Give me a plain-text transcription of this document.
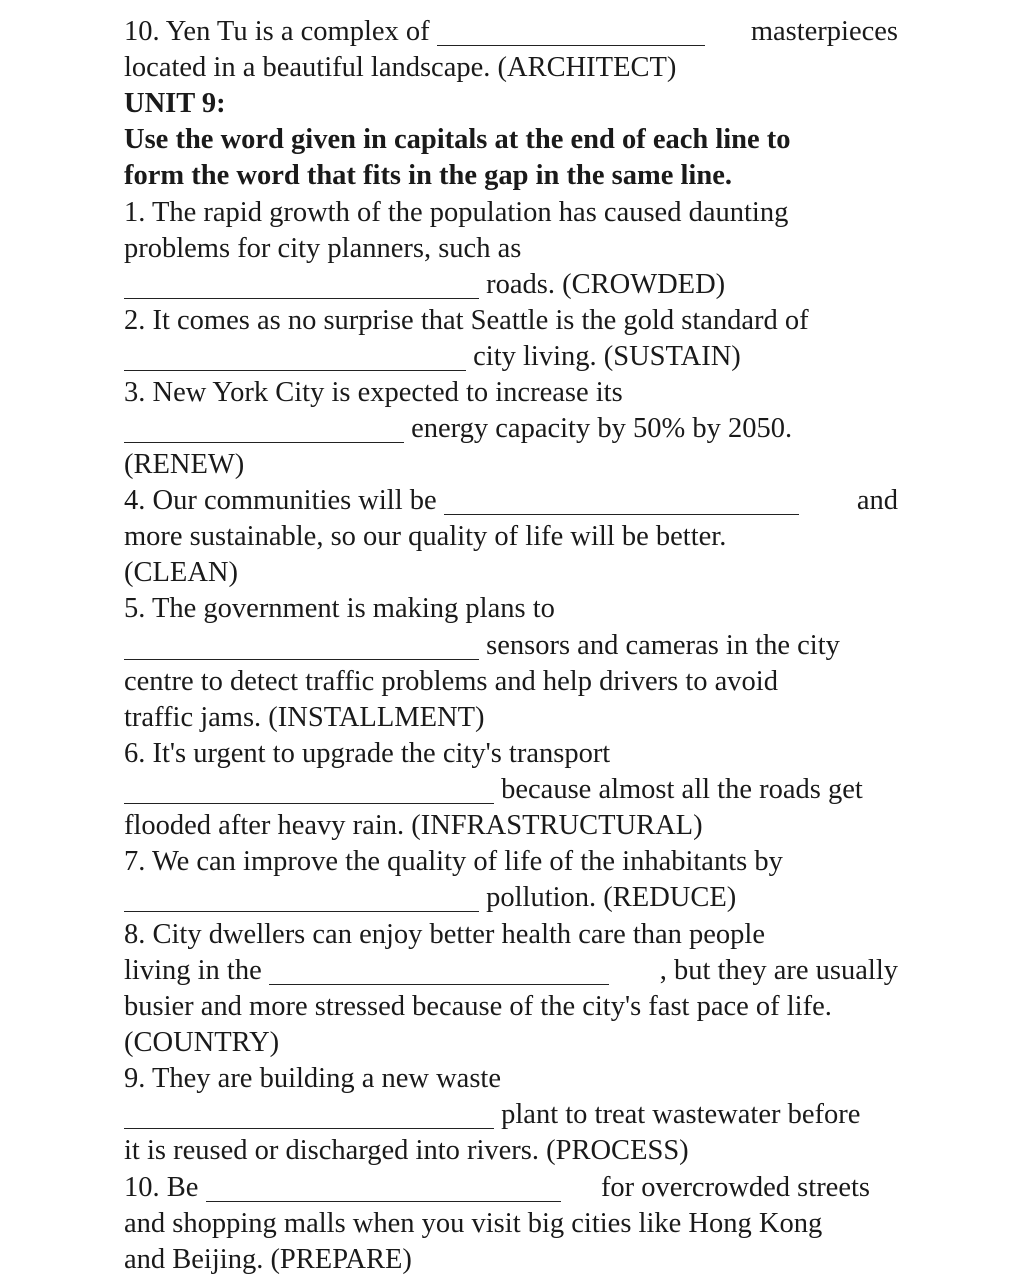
10. Yen Tu is a complex of	masterpieces
located in a beautiful landscape. (ARCHITECT)
UNIT 9:
Use the word given in capitals at the end of each line to
form the word that fits in the gap in the same line.
1. The rapid growth of the population has caused daunting
problems for city planners, such as
roads. (CROWDED)
2. It comes as no surprise that Seattle is the gold standard of
city living. (SUSTAIN)
3. New York City is expected to increase its
energy capacity by 50% by 2050.
(RENEW)
4. Our communities will be	and
more sustainable, so our quality of life will be better.
(CLEAN)
5. The government is making plans to
sensors and cameras in the city
centre to detect traffic problems and help drivers to avoid
traffic jams. (INSTALLMENT)
6. It's urgent to upgrade the city's transport
because almost all the roads get
flooded after heavy rain. (INFRASTRUCTURAL)
7. We can improve the quality of life of the inhabitants by
pollution. (REDUCE)
8. City dwellers can enjoy better health care than people
living in the	, but they are usually
busier and more stressed because of the city's fast pace of life.
(COUNTRY)
9. They are building a new waste
plant to treat wastewater before
it is reused or discharged into rivers. (PROCESS)
10. Be	for overcrowded streets
and shopping malls when you visit big cities like Hong Kong
and Beijing. (PREPARE)
